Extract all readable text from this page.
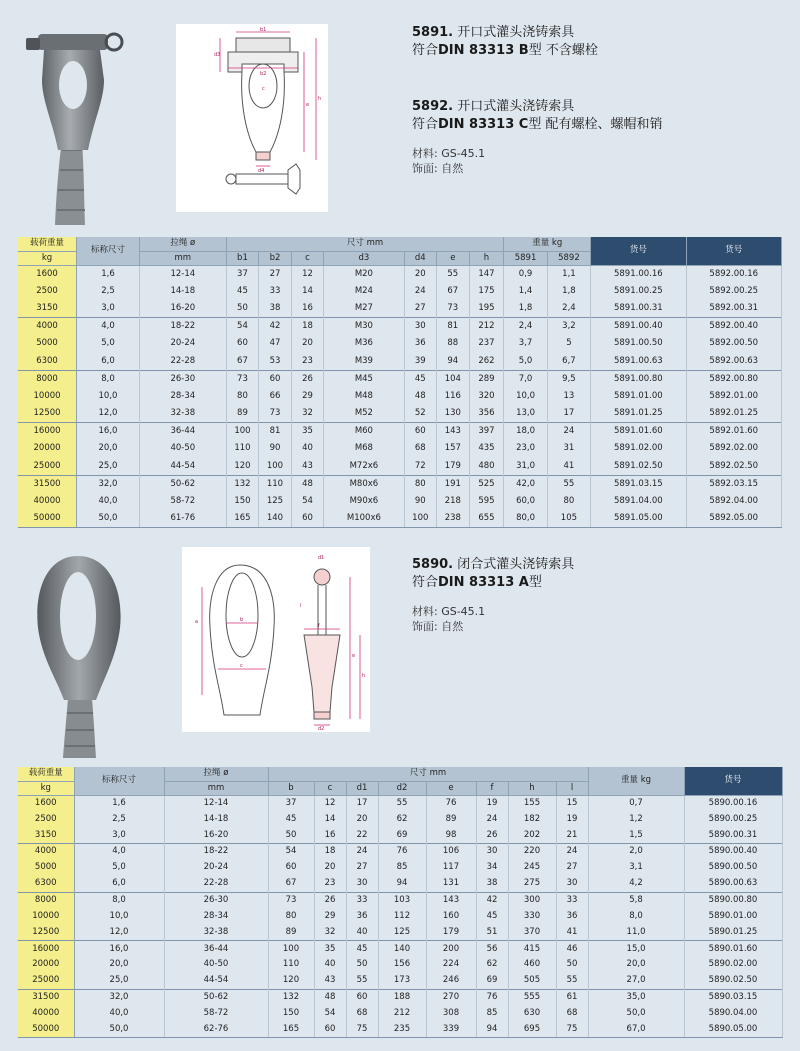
d3
b1
b2
c
h
e
d4
5891. 开口式灌头浇铸索具
符合DIN 83313 B型 不含螺栓
5892. 开口式灌头浇铸索具
符合DIN 83313 C型 配有螺栓、螺帽和销
材料: GS-45.1
饰面: 自然
载荷重量	标称尺寸	拉绳 ø	尺寸 mm							重量 kg		货号	货号
kg		mm	b1	b2	c	d3	d4	e	h	5891	5892		
1600	1,6	12-14	37	27	12	M20	20	55	147	0,9	1,1	5891.00.16	5892.00.16
2500	2,5	14-18	45	33	14	M24	24	67	175	1,4	1,8	5891.00.25	5892.00.25
3150	3,0	16-20	50	38	16	M27	27	73	195	1,8	2,4	5891.00.31	5892.00.31
4000	4,0	18-22	54	42	18	M30	30	81	212	2,4	3,2	5891.00.40	5892.00.40
5000	5,0	20-24	60	47	20	M36	36	88	237	3,7	5	5891.00.50	5892.00.50
6300	6,0	22-28	67	53	23	M39	39	94	262	5,0	6,7	5891.00.63	5892.00.63
8000	8,0	26-30	73	60	26	M45	45	104	289	7,0	9,5	5891.00.80	5892.00.80
10000	10,0	28-34	80	66	29	M48	48	116	320	10,0	13	5891.01.00	5892.01.00
12500	12,0	32-38	89	73	32	M52	52	130	356	13,0	17	5891.01.25	5892.01.25
16000	16,0	36-44	100	81	35	M60	60	143	397	18,0	24	5891.01.60	5892.01.60
20000	20,0	40-50	110	90	40	M68	68	157	435	23,0	31	5891.02.00	5892.02.00
25000	25,0	44-54	120	100	43	M72x6	72	179	480	31,0	41	5891.02.50	5892.02.50
31500	32,0	50-62	132	110	48	M80x6	80	191	525	42,0	55	5891.03.15	5892.03.15
40000	40,0	58-72	150	125	54	M90x6	90	218	595	60,0	80	5891.04.00	5892.04.00
50000	50,0	61-76	165	140	60	M100x6	100	238	655	80,0	105	5891.05.00	5892.05.00
a	b
c
d1
d2
e
f
h
l
5890. 闭合式灌头浇铸索具
符合DIN 83313 A型
材料: GS-45.1
饰面: 自然
载荷重量	标称尺寸	拉绳 ø	尺寸 mm								重量 kg	货号
kg		mm	b	c	d1	d2	e	f	h	l		
1600	1,6	12-14	37	12	17	55	76	19	155	15	0,7	5890.00.16
2500	2,5	14-18	45	14	20	62	89	24	182	19	1,2	5890.00.25
3150	3,0	16-20	50	16	22	69	98	26	202	21	1,5	5890.00.31
4000	4,0	18-22	54	18	24	76	106	30	220	24	2,0	5890.00.40
5000	5,0	20-24	60	20	27	85	117	34	245	27	3,1	5890.00.50
6300	6,0	22-28	67	23	30	94	131	38	275	30	4,2	5890.00.63
8000	8,0	26-30	73	26	33	103	143	42	300	33	5,8	5890.00.80
10000	10,0	28-34	80	29	36	112	160	45	330	36	8,0	5890.01.00
12500	12,0	32-38	89	32	40	125	179	51	370	41	11,0	5890.01.25
16000	16,0	36-44	100	35	45	140	200	56	415	46	15,0	5890.01.60
20000	20,0	40-50	110	40	50	156	224	62	460	50	20,0	5890.02.00
25000	25,0	44-54	120	43	55	173	246	69	505	55	27,0	5890.02.50
31500	32,0	50-62	132	48	60	188	270	76	555	61	35,0	5890.03.15
40000	40,0	58-72	150	54	68	212	308	85	630	68	50,0	5890.04.00
50000	50,0	62-76	165	60	75	235	339	94	695	75	67,0	5890.05.00
